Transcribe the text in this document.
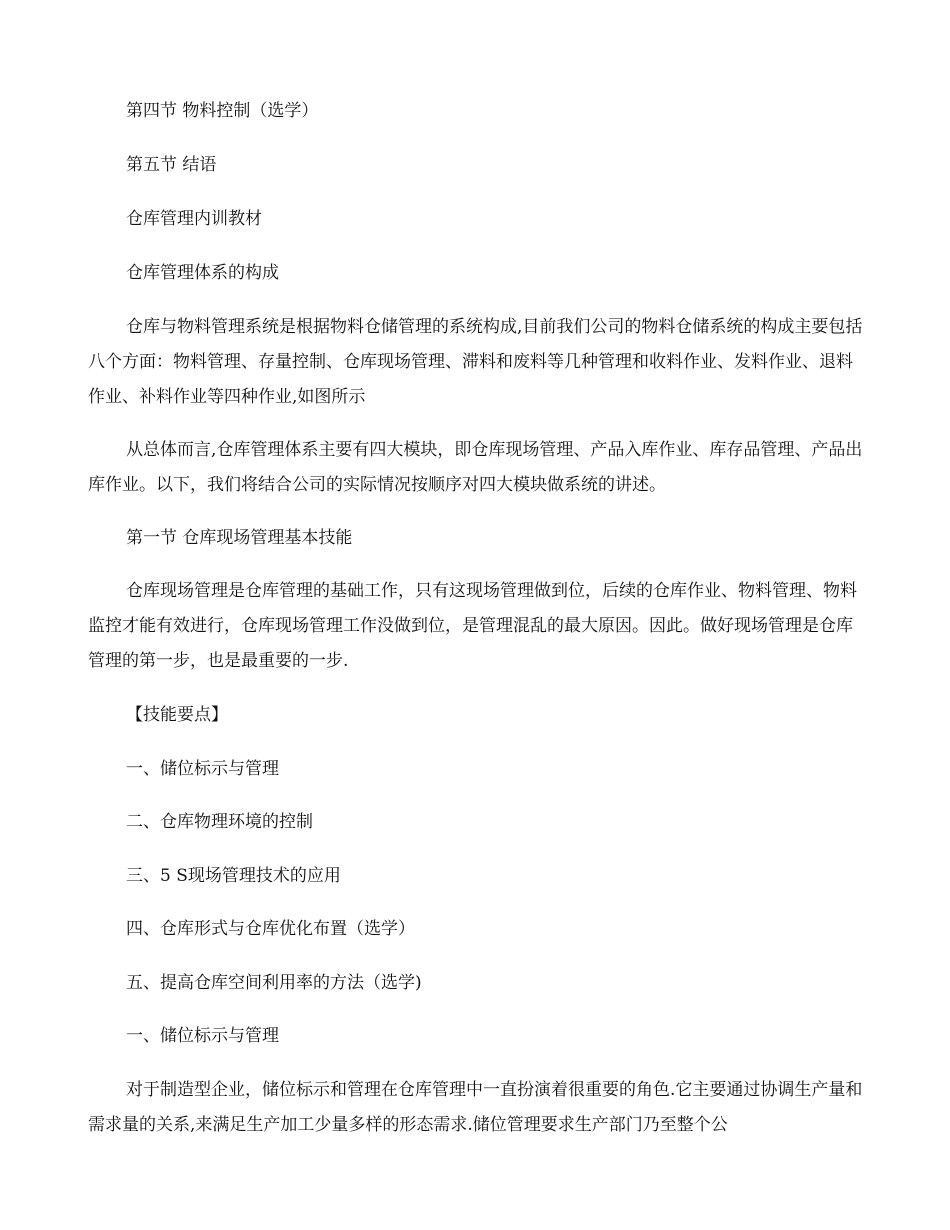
第四节 物料控制（选学）

第五节 结语

仓库管理内训教材

仓库管理体系的构成

仓库与物料管理系统是根据物料仓储管理的系统构成,目前我们公司的物料仓储系统的构成主要包括八个方面：物料管理、存量控制、仓库现场管理、滞料和废料等几种管理和收料作业、发料作业、退料作业、补料作业等四种作业,如图所示

从总体而言,仓库管理体系主要有四大模块，即仓库现场管理、产品入库作业、库存品管理、产品出库作业。以下，我们将结合公司的实际情况按顺序对四大模块做系统的讲述。

第一节 仓库现场管理基本技能

仓库现场管理是仓库管理的基础工作，只有这现场管理做到位，后续的仓库作业、物料管理、物料监控才能有效进行，仓库现场管理工作没做到位，是管理混乱的最大原因。因此。做好现场管理是仓库管理的第一步，也是最重要的一步.

【技能要点】

一、储位标示与管理

二、仓库物理环境的控制

三、5 S现场管理技术的应用

四、仓库形式与仓库优化布置（选学）

五、提高仓库空间利用率的方法（选学)

一、储位标示与管理

对于制造型企业，储位标示和管理在仓库管理中一直扮演着很重要的角色.它主要通过协调生产量和需求量的关系,来满足生产加工少量多样的形态需求.储位管理要求生产部门乃至整个公
